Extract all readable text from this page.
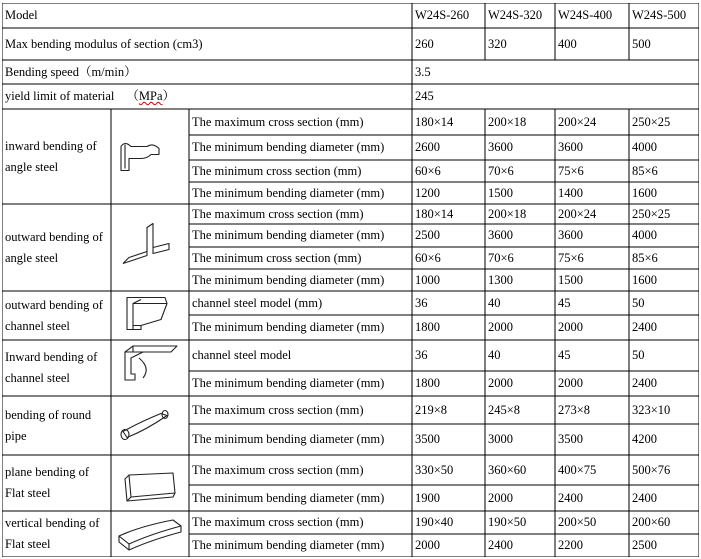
Model	W24S-260	W24S-320	W24S-400	W24S-500
Max bending modulus of section (cm3)	260	320	400	500
Bending speed（m/min）	3.5
yield limit of material （ MPa ）	245
inward bending of angle steel
The maximum cross section (mm)	180×14	200×18	200×24	250×25
The minimum bending diameter (mm)	2600	3600	3600	4000
The minimum cross section (mm)	60×6	70×6	75×6	85×6
The minimum bending diameter (mm)	1200	1500	1400	1600
outward bending of angle steel
The maximum cross section (mm)	180×14	200×18	200×24	250×25
The minimum bending diameter (mm)	2500	3600	3600	4000
The minimum cross section (mm)	60×6	70×6	75×6	85×6
The minimum bending diameter (mm)	1000	1300	1500	1600
outward bending of channel steel
channel steel model (mm)	36	40	45	50
The minimum bending diameter (mm)	1800	2000	2000	2400
Inward bending of channel steel
channel steel model	36	40	45	50
The minimum bending diameter (mm)	1800	2000	2000	2400
bending of round pipe
The maximum cross section (mm)	219×8	245×8	273×8	323×10
The minimum bending diameter (mm)	3500	3000	3500	4200
plane bending of Flat steel
The maximum cross section (mm)	330×50	360×60	400×75	500×76
The minimum bending diameter (mm)	1900	2000	2400	2400
vertical bending of Flat steel
The maximum cross section (mm)	190×40	190×50	200×50	200×60
The minimum bending diameter (mm)	2000	2400	2200	2500
